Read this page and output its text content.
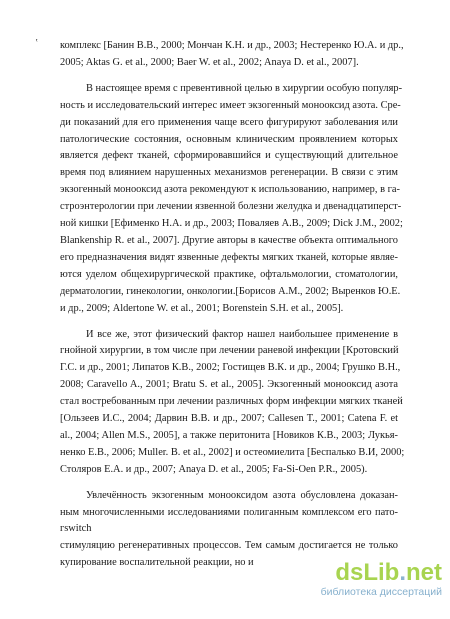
ʽ комплекс [Банин В.В., 2000; Мончан К.Н. и др., 2003; Нестеренко Ю.А. и др.,
2005; Aktas G. et al., 2000; Baer W. et al., 2002; Anaya D. et al., 2007].
В настоящее время с превентивной целью в хирургии особую популяр-
ность и исследовательский интерес имеет экзогенный монооксид азота. Сре-
ди показаний для его применения чаще всего фигурируют заболевания или
патологические состояния, основным клиническим проявлением которых
является дефект тканей, сформировавшийся и существующий длительное
время под влиянием нарушенных механизмов регенерации. В связи с этим
экзогенный монооксид азота рекомендуют к использованию, например, в га-
строэнтерологии при лечении язвенной болезни желудка и двенадцатиперст-
ной кишки [Ефименко Н.А. и др., 2003; Поваляев А.В., 2009; Dick J.M., 2002;
Blankenship R. et al., 2007]. Другие авторы в качестве объекта оптимального
его предназначения видят язвенные дефекты мягких тканей, которые являе-
ются уделом общехирургической практике, офтальмологии, стоматологии,
дерматологии, гинекологии, онкологии.[Борисов А.М., 2002; Выренков Ю.Е.
и др., 2009; Aldertone W. et al., 2001; Borenstein S.H. et al., 2005].
И все же, этот физический фактор нашел наибольшее применение в
гнойной хирургии, в том числе при лечении раневой инфекции [Кротовский
Г.С. и др., 2001; Липатов К.В., 2002; Гостищев В.К. и др., 2004; Грушко В.Н.,
2008; Caravello A., 2001; Bratu S. et al., 2005]. Экзогенный монооксид азота
стал востребованным при лечении различных форм инфекции мягких тканей
[Ользеев И.С., 2004; Дарвин В.В. и др., 2007; Callesen T., 2001; Catena F. et
al., 2004; Allen M.S., 2005], а также перитонита [Новиков К.В., 2003; Лукья-
ненко Е.В., 2006; Muller. B. et al., 2002] и остеомиелита [Беспалько В.И, 2000;
Столяров Е.А. и др., 2007; Anaya D. et al., 2005; Fa-Si-Oen P.R., 2005).
Увлечённость экзогенным монооксидом азота обусловлена доказан-
ным многочисленными исследованиями полиганным комплексом его пато-
гswitch
стимуляцию регенеративных процессов. Тем самым достигается не только
купирование воспалительной реакции, но и	dsLib.net
библиотека диссертаций
